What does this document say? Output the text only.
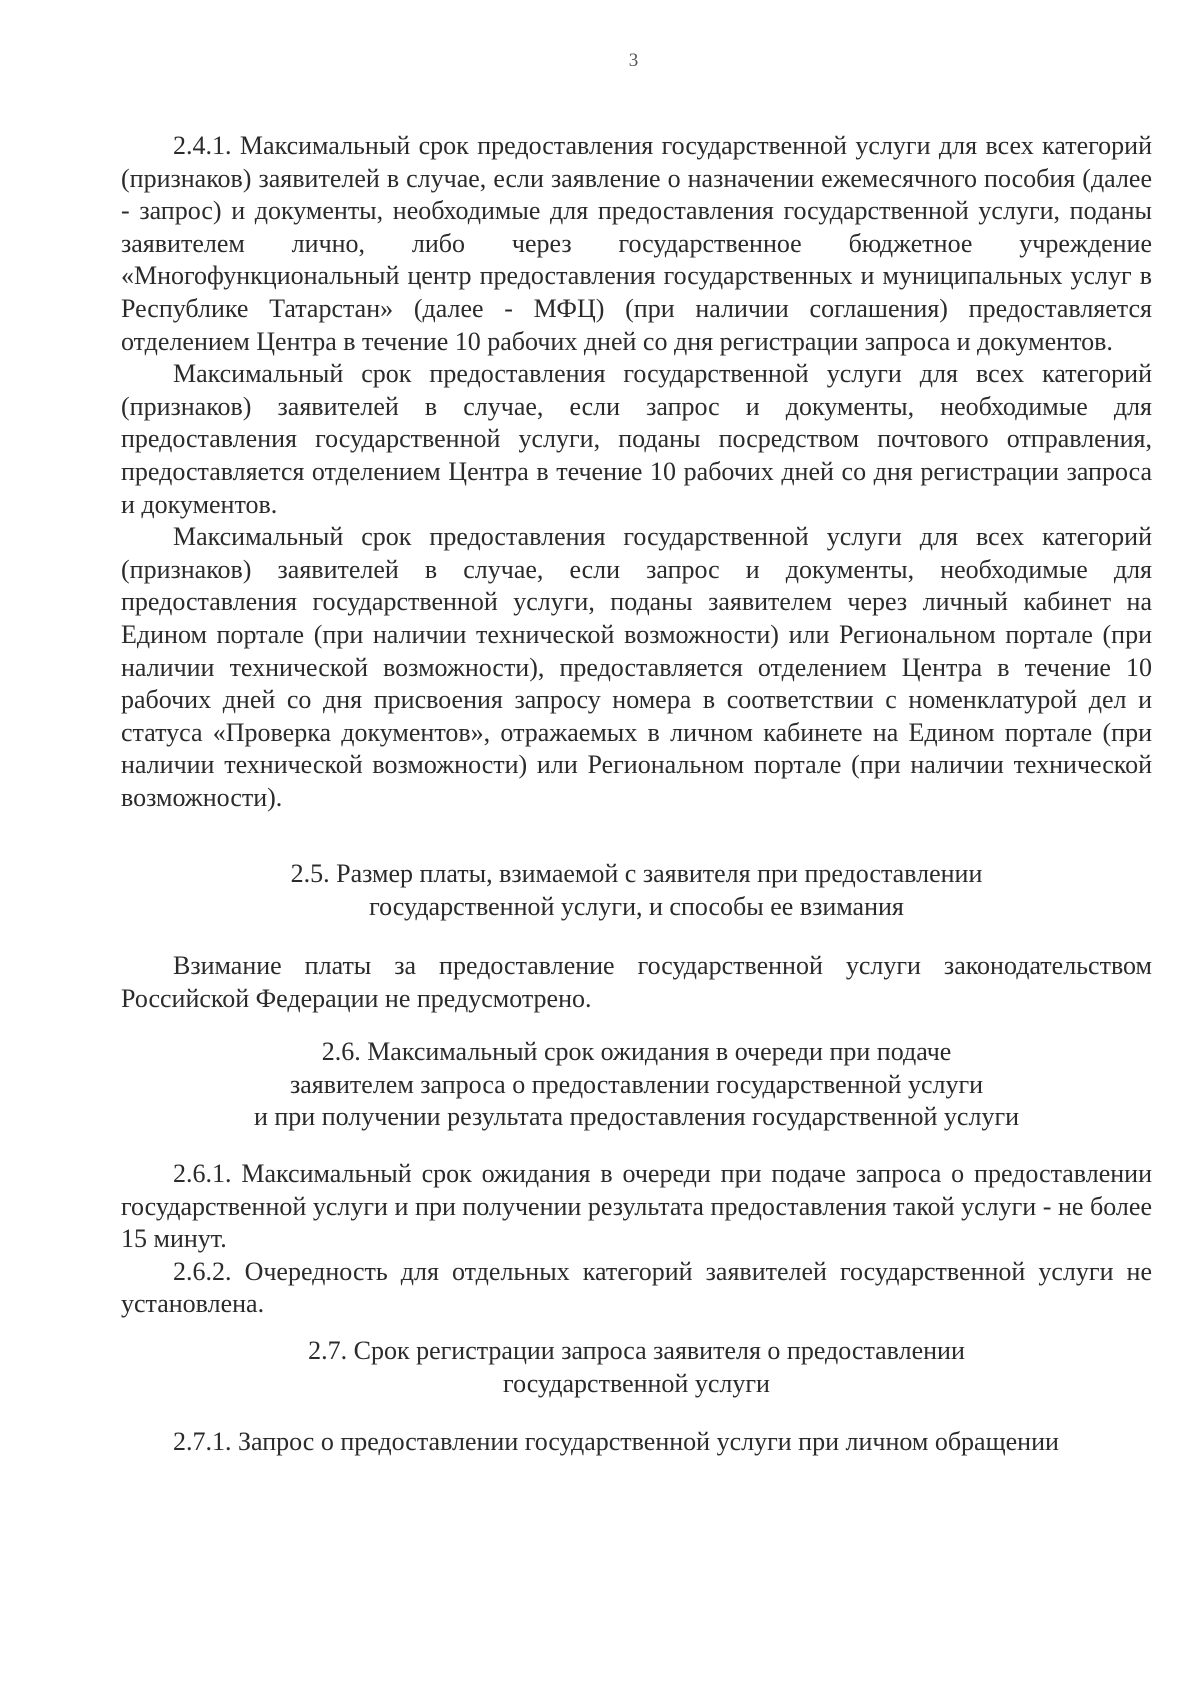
3

2.4.1. Максимальный срок предоставления государственной услуги для всех категорий (признаков) заявителей в случае, если заявление о назначении ежемесячного пособия (далее - запрос) и документы, необходимые для предоставления государственной услуги, поданы заявителем лично, либо через государственное бюджетное учреждение «Многофункциональный центр предоставления государственных и муниципальных услуг в Республике Татарстан» (далее - МФЦ) (при наличии соглашения) предоставляется отделением Центра в течение 10 рабочих дней со дня регистрации запроса и документов.

Максимальный срок предоставления государственной услуги для всех категорий (признаков) заявителей в случае, если запрос и документы, необходимые для предоставления государственной услуги, поданы посредством почтового отправления, предоставляется отделением Центра в течение 10 рабочих дней со дня регистрации запроса и документов.

Максимальный срок предоставления государственной услуги для всех категорий (признаков) заявителей в случае, если запрос и документы, необходимые для предоставления государственной услуги, поданы заявителем через личный кабинет на Едином портале (при наличии технической возможности) или Региональном портале (при наличии технической возможности), предоставляется отделением Центра в течение 10 рабочих дней со дня присвоения запросу номера в соответствии с номенклатурой дел и статуса «Проверка документов», отражаемых в личном кабинете на Едином портале (при наличии технической возможности) или Региональном портале (при наличии технической возможности).

2.5. Размер платы, взимаемой с заявителя при предоставлении
государственной услуги, и способы ее взимания

Взимание платы за предоставление государственной услуги законодательством Российской Федерации не предусмотрено.

2.6. Максимальный срок ожидания в очереди при подаче
заявителем запроса о предоставлении государственной услуги
и при получении результата предоставления государственной услуги

2.6.1. Максимальный срок ожидания в очереди при подаче запроса о предоставлении государственной услуги и при получении результата предоставления такой услуги - не более 15 минут.

2.6.2. Очередность для отдельных категорий заявителей государственной услуги не установлена.

2.7. Срок регистрации запроса заявителя о предоставлении
государственной услуги

2.7.1. Запрос о предоставлении государственной услуги при личном обращении
